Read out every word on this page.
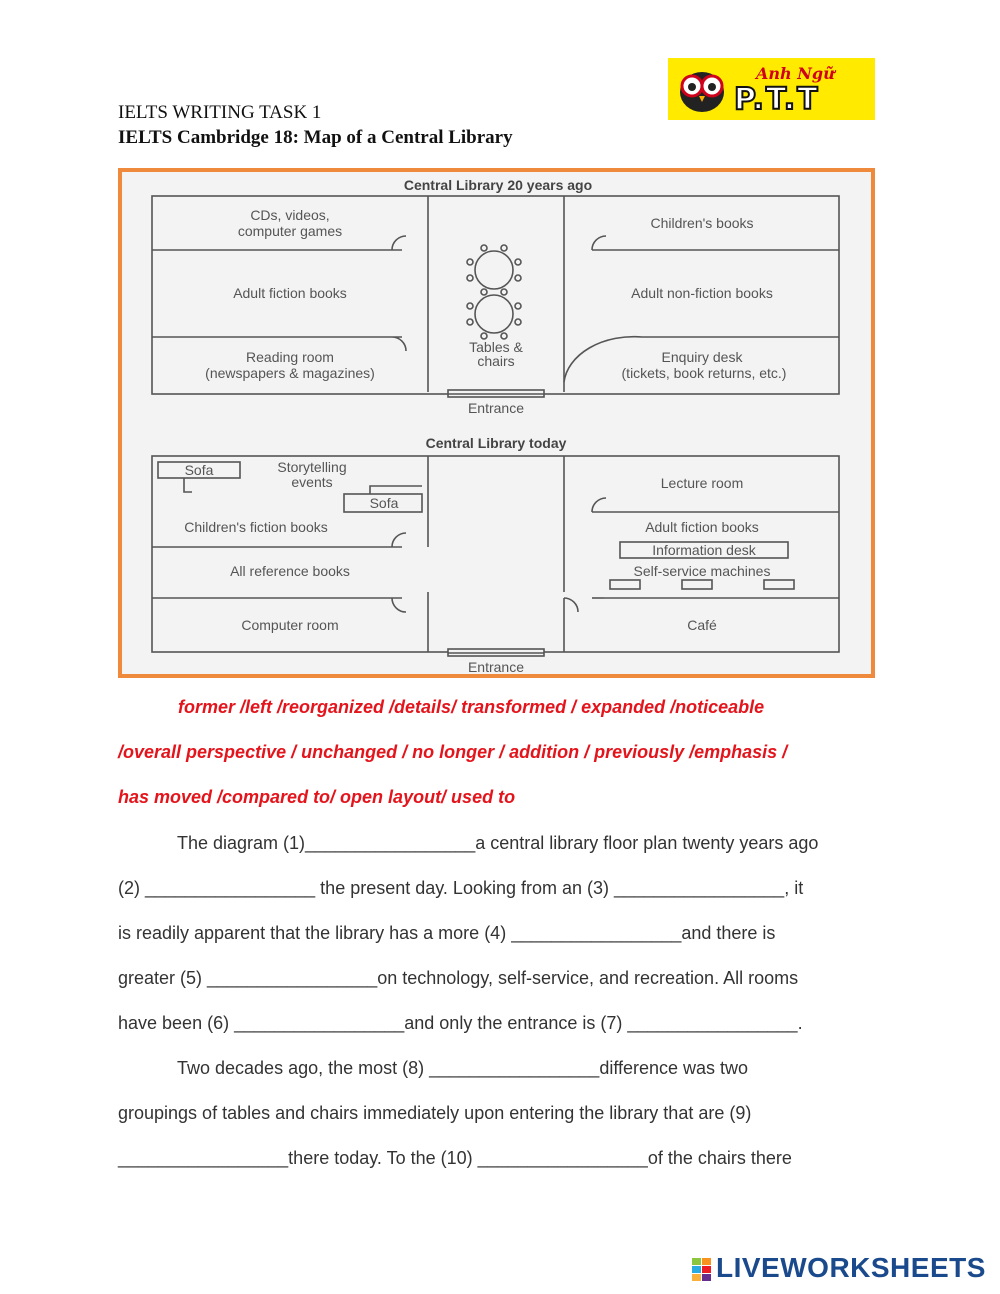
IELTS WRITING TASK 1
IELTS Cambridge 18: Map of a Central Library
Anh Ngữ
P.T.T
Central Library 20 years ago
CDs, videos,
computer games	Children's books
Adult fiction books	Adult non-fiction books
Reading room
(newspapers & magazines)
Tables &
chairs	Enquiry desk
(tickets, book returns, etc.)
Entrance
Central Library today
Sofa	Storytelling
events
Sofa
Children's fiction books
Lecture room
Adult fiction books
Information desk
Self-service machines
All reference books
Computer room	Café
Entrance
former /left /reorganized /details/ transformed / expanded /noticeable
/overall perspective / unchanged / no longer / addition / previously /emphasis /
has moved /compared to/ open layout/ used to
The diagram (1)_________________a central library floor plan twenty years ago
(2) _________________ the present day. Looking from an (3) _________________, it
is readily apparent that the library has a more (4) _________________and there is
greater (5) _________________on technology, self-service, and recreation. All rooms
have been (6) _________________and only the entrance is (7) _________________.
Two decades ago, the most (8) _________________difference was two
groupings of tables and chairs immediately upon entering the library that are (9)
_________________there today. To the (10) _________________of the chairs there
LIVEWORKSHEETS
